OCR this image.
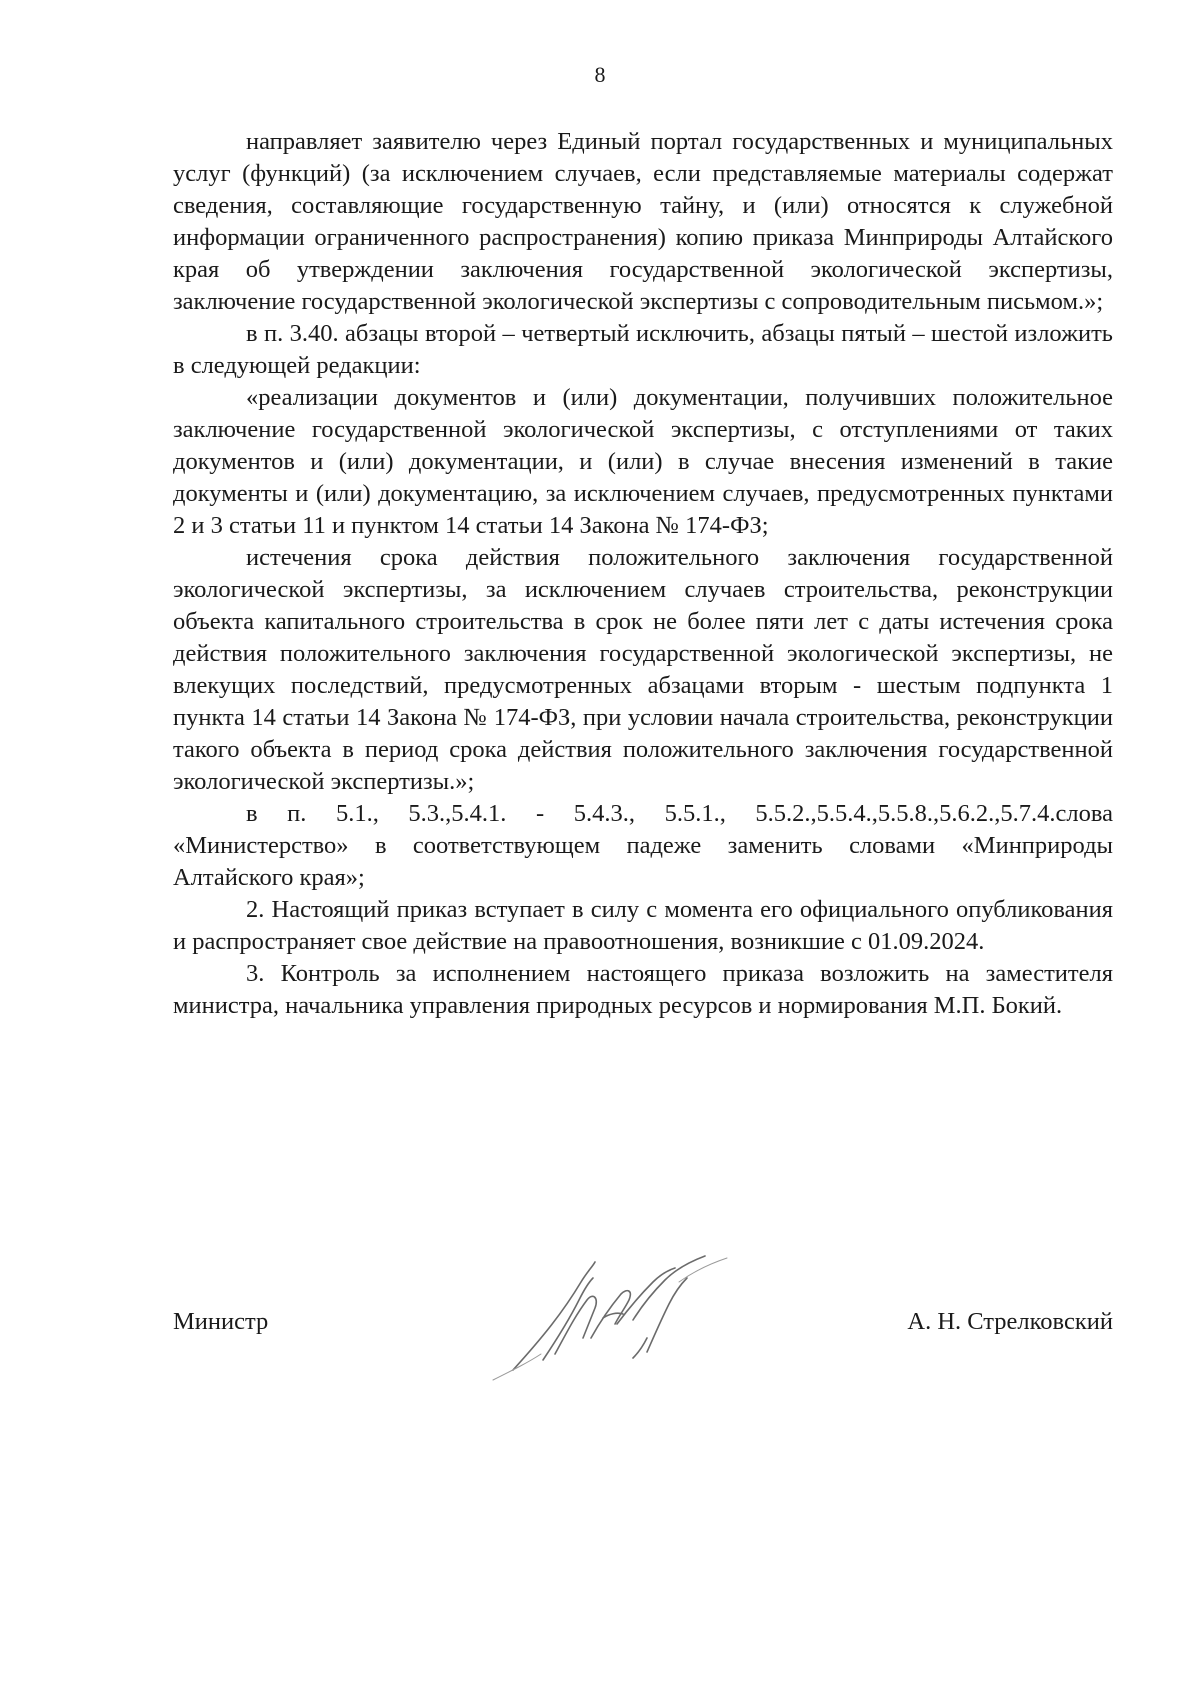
8

направляет заявителю через Единый портал государственных и муниципальных услуг (функций) (за исключением случаев, если представляемые материалы содержат сведения, составляющие государственную тайну, и (или) относятся к служебной информации ограниченного распространения) копию приказа Минприроды Алтайского края об утверждении заключения государственной экологической экспертизы, заключение государственной экологической экспертизы с сопроводительным письмом.»;

в п. 3.40. абзацы второй – четвертый исключить, абзацы пятый – шестой изложить в следующей редакции:

«реализации документов и (или) документации, получивших положительное заключение государственной экологической экспертизы, с отступлениями от таких документов и (или) документации, и (или) в случае внесения изменений в такие документы и (или) документацию, за исключением случаев, предусмотренных пунктами 2 и 3 статьи 11 и пунктом 14 статьи 14 Закона № 174-ФЗ;

истечения срока действия положительного заключения государственной экологической экспертизы, за исключением случаев строительства, реконструкции объекта капитального строительства в срок не более пяти лет с даты истечения срока действия положительного заключения государственной экологической экспертизы, не влекущих последствий, предусмотренных абзацами вторым - шестым подпункта 1 пункта 14 статьи 14 Закона № 174-ФЗ, при условии начала строительства, реконструкции такого объекта в период срока действия положительного заключения государственной экологической экспертизы.»;

в п. 5.1., 5.3.,5.4.1. - 5.4.3., 5.5.1., 5.5.2.,5.5.4.,5.5.8.,5.6.2.,5.7.4.слова «Министерство» в соответствующем падеже заменить словами «Минприроды Алтайского края»;

2. Настоящий приказ вступает в силу с момента его официального опубликования и распространяет свое действие на правоотношения, возникшие с 01.09.2024.

3. Контроль за исполнением настоящего приказа возложить на заместителя министра, начальника управления природных ресурсов и нормирования М.П. Бокий.

Министр	А. Н. Стрелковский
